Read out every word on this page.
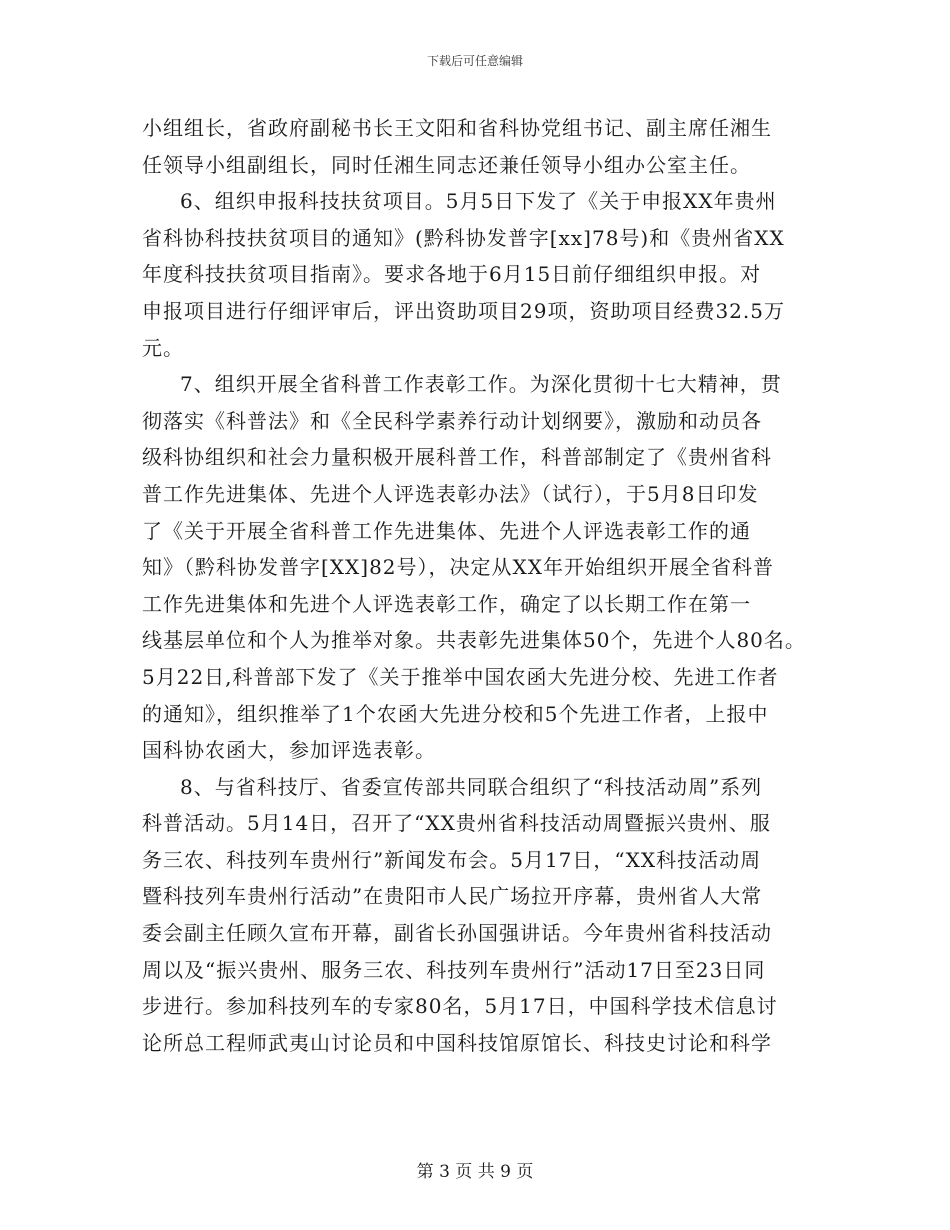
下载后可任意编辑
小组组长，省政府副秘书长王文阳和省科协党组书记、副主席任湘生
任领导小组副组长，同时任湘生同志还兼任领导小组办公室主任。
6、组织申报科技扶贫项目。5月5日下发了《关于申报XX年贵州
省科协科技扶贫项目的通知》(黔科协发普字[xx]78号)和《贵州省XX
年度科技扶贫项目指南》。要求各地于6月15日前仔细组织申报。对
申报项目进行仔细评审后，评出资助项目29项，资助项目经费32.5万
元。
7、组织开展全省科普工作表彰工作。为深化贯彻十七大精神，贯
彻落实《科普法》和《全民科学素养行动计划纲要》，激励和动员各
级科协组织和社会力量积极开展科普工作，科普部制定了《贵州省科
普工作先进集体、先进个人评选表彰办法》（试行），于5月8日印发
了《关于开展全省科普工作先进集体、先进个人评选表彰工作的通
知》（黔科协发普字[XX]82号），决定从XX年开始组织开展全省科普
工作先进集体和先进个人评选表彰工作，确定了以长期工作在第一
线基层单位和个人为推举对象。共表彰先进集体50个，先进个人80名。
5月22日,科普部下发了《关于推举中国农函大先进分校、先进工作者
的通知》，组织推举了1个农函大先进分校和5个先进工作者，上报中
国科协农函大，参加评选表彰。
8、与省科技厅、省委宣传部共同联合组织了“科技活动周”系列
科普活动。5月14日，召开了“XX贵州省科技活动周暨振兴贵州、服
务三农、科技列车贵州行”新闻发布会。5月17日，“XX科技活动周
暨科技列车贵州行活动”在贵阳市人民广场拉开序幕，贵州省人大常
委会副主任顾久宣布开幕，副省长孙国强讲话。今年贵州省科技活动
周以及“振兴贵州、服务三农、科技列车贵州行”活动17日至23日同
步进行。参加科技列车的专家80名，5月17日，中国科学技术信息讨
论所总工程师武夷山讨论员和中国科技馆原馆长、科技史讨论和科学
第 3 页 共 9 页
